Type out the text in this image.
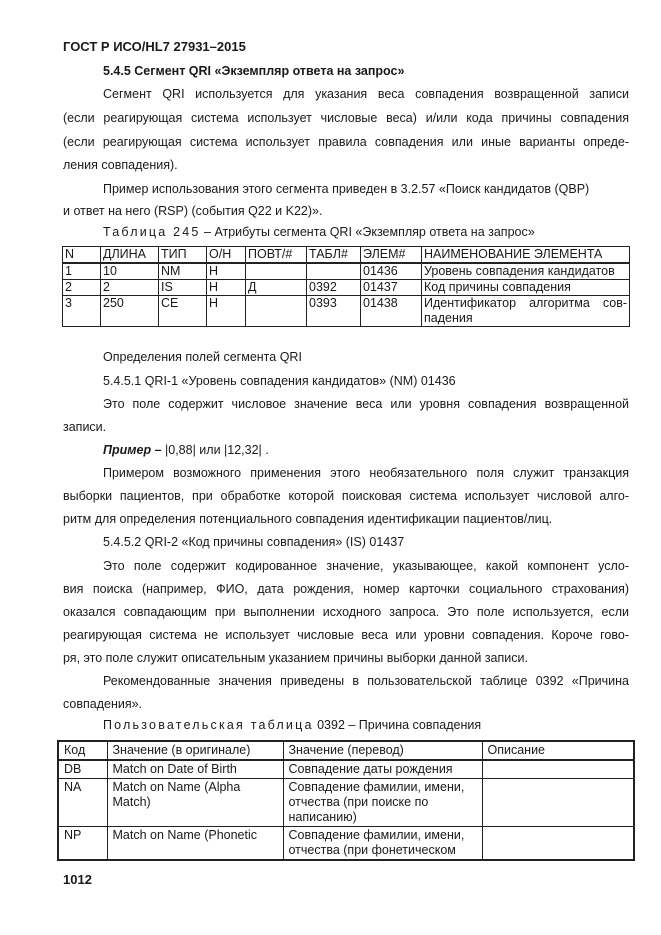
ГОСТ Р ИСО/HL7 27931–2015
5.4.5 Сегмент QRI «Экземпляр ответа на запрос»
Сегмент QRI используется для указания веса совпадения возвращенной записи
(если реагирующая система использует числовые веса) и/или кода причины совпадения
(если реагирующая система использует правила совпадения или иные варианты опреде-
ления совпадения).
Пример использования этого сегмента приведен в 3.2.57 «Поиск кандидатов (QBP)
и ответ на него (RSP) (события Q22 и K22)».
Таблица 245 – Атрибуты сегмента QRI «Экземпляр ответа на запрос»
N	ДЛИНА	ТИП	О/Н	ПОВТ/#	ТАБЛ#	ЭЛЕМ#	НАИМЕНОВАНИЕ ЭЛЕМЕНТА
1	10	NM	Н			01436	Уровень совпадения кандидатов
2	2	IS	Н	Д	0392	01437	Код причины совпадения
3	250	CE	Н		0393	01438	Идентификатор алгоритма сов-
падения
Определения полей сегмента QRI
5.4.5.1 QRI-1 «Уровень совпадения кандидатов» (NM) 01436
Это поле содержит числовое значение веса или уровня совпадения возвращенной
записи.
Пример – |0,88| или |12,32| .
Примером возможного применения этого необязательного поля служит транзакция
выборки пациентов, при обработке которой поисковая система использует числовой алго-
ритм для определения потенциального совпадения идентификации пациентов/лиц.
5.4.5.2 QRI-2 «Код причины совпадения» (IS) 01437
Это поле содержит кодированное значение, указывающее, какой компонент усло-
вия поиска (например, ФИО, дата рождения, номер карточки социального страхования)
оказался совпадающим при выполнении исходного запроса. Это поле используется, если
реагирующая система не использует числовые веса или уровни совпадения. Короче гово-
ря, это поле служит описательным указанием причины выборки данной записи.
Рекомендованные значения приведены в пользовательской таблице 0392 «Причина
совпадения».
Пользовательская таблица 0392 – Причина совпадения
Код	Значение (в оригинале)	Значение (перевод)	Описание
DB	Match on Date of Birth	Совпадение даты рождения	
NA	Match on Name (Alpha Match)	Совпадение фамилии, имени, отчества (при поиске по написанию)	
NP	Match on Name (Phonetic	Совпадение фамилии, имени, отчества (при фонетическом	
1012
